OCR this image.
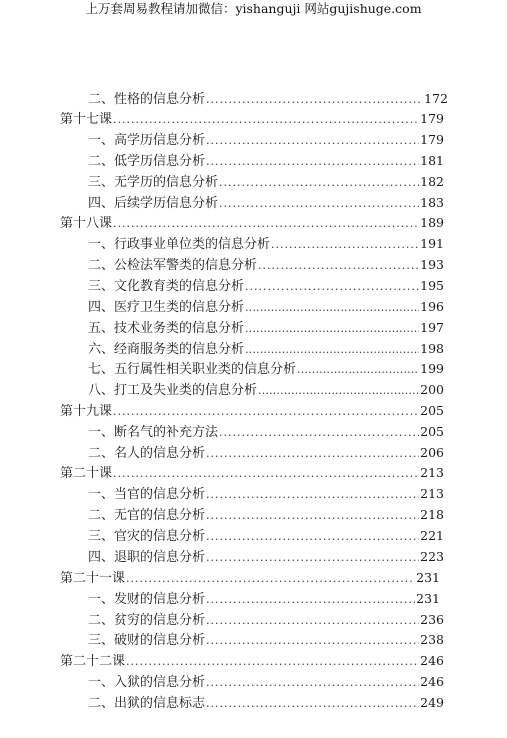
上万套周易教程请加微信：yishanguji 网站gujishuge.com
二、性格的信息分析 .....	172
第十七课 .....	179
一、高学历信息分析 .....	179
二、低学历信息分析 .....	181
三、无学历的信息分析 .....	182
四、后续学历信息分析 .....	183
第十八课 .....	189
一、行政事业单位类的信息分析 .....	191
二、公检法军警类的信息分析 .....	193
三、文化教育类的信息分析 .....	195
四、医疗卫生类的信息分析 ……………………………………………………………………………………………………………………………	196
五、技术业务类的信息分析 ……………………………………………………………………………………………………………………………	197
六、经商服务类的信息分析 ……………………………………………………………………………………………………………………………	198
七、五行属性相关职业类的信息分析 ……………………………………………………………………………………………………………………………	199
八、打工及失业类的信息分析 ……………………………………………………………………………………………………………………………	200
第十九课 .....	205
一、断名气的补充方法 .....	205
二、名人的信息分析 .....	206
第二十课 .....	213
一、当官的信息分析 .....	213
二、无官的信息分析 .....	218
三、官灾的信息分析 .....	221
四、退职的信息分析 .....	223
第二十一课 .....	231
一、发财的信息分析 .....	231
二、贫穷的信息分析 .....	236
三、破财的信息分析 .....	238
第二十二课 .....	246
一、入狱的信息分析 .....	246
二、出狱的信息标志 .....	249
